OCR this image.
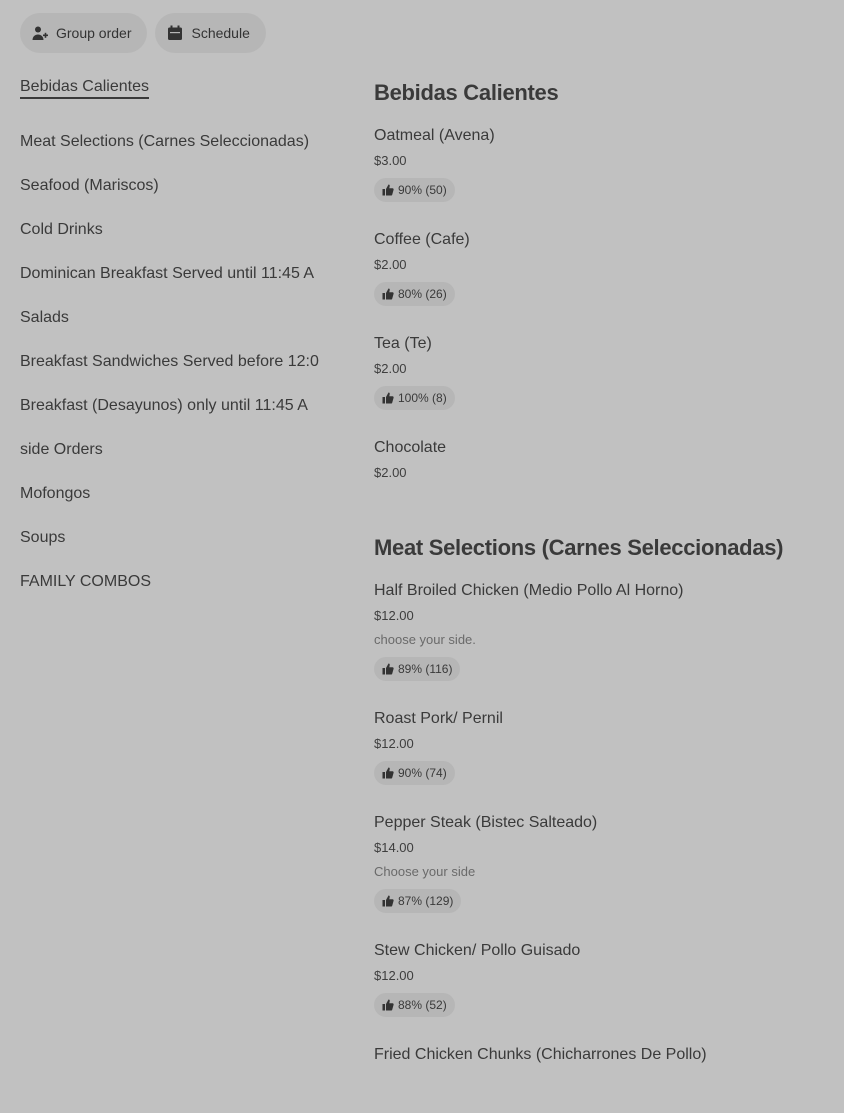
Group order	Schedule
Bebidas Calientes
Meat Selections (Carnes Seleccionadas)
Seafood (Mariscos)
Cold Drinks
Dominican Breakfast Served until 11:45 A
Salads
Breakfast Sandwiches Served before 12:0
Breakfast (Desayunos) only until 11:45 A
side Orders
Mofongos
Soups
FAMILY COMBOS
Bebidas Calientes
Oatmeal (Avena)
$3.00
90% (50)
Coffee (Cafe)
$2.00
80% (26)
Tea (Te)
$2.00
100% (8)
Chocolate
$2.00
Meat Selections (Carnes Seleccionadas)
Half Broiled Chicken (Medio Pollo Al Horno)
$12.00
choose your side.
89% (116)
Roast Pork/ Pernil
$12.00
90% (74)
Pepper Steak (Bistec Salteado)
$14.00
Choose your side
87% (129)
Stew Chicken/ Pollo Guisado
$12.00
88% (52)
Fried Chicken Chunks (Chicharrones De Pollo)
